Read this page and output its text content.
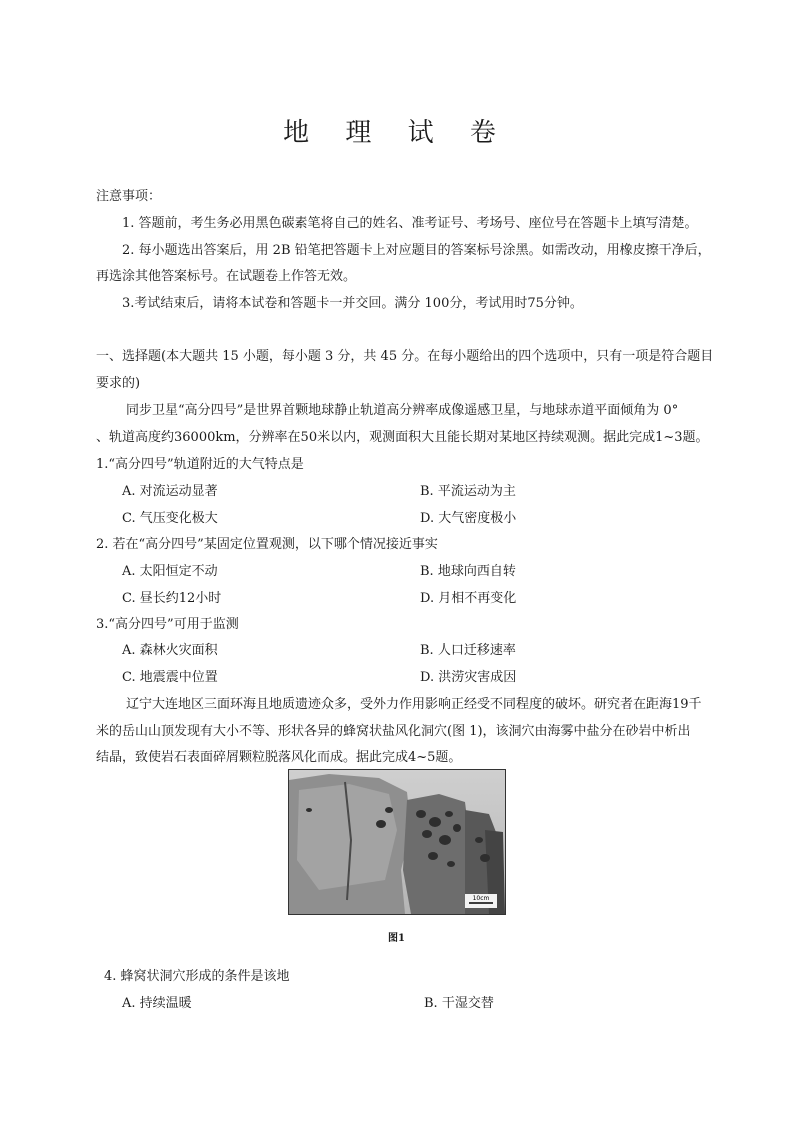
地 理 试 卷
注意事项：
1. 答题前，考生务必用黑色碳素笔将自己的姓名、准考证号、考场号、座位号在答题卡上填写清楚。
2. 每小题选出答案后，用 2B 铅笔把答题卡上对应题目的答案标号涂黑。如需改动，用橡皮擦干净后，
再选涂其他答案标号。在试题卷上作答无效。
3.考试结束后，请将本试卷和答题卡一并交回。满分 100分，考试用时75分钟。
一、选择题(本大题共 15 小题，每小题 3 分，共 45 分。在每小题给出的四个选项中，只有一项是符合题目
要求的)
同步卫星“高分四号”是世界首颗地球静止轨道高分辨率成像遥感卫星，与地球赤道平面倾角为 0°
、轨道高度约36000km，分辨率在50米以内，观测面积大且能长期对某地区持续观测。据此完成1~3题。
1.“高分四号”轨道附近的大气特点是
A. 对流运动显著	B. 平流运动为主
C. 气压变化极大	D. 大气密度极小
2. 若在“高分四号”某固定位置观测，以下哪个情况接近事实
A. 太阳恒定不动	B. 地球向西自转
C. 昼长约12小时	D. 月相不再变化
3.“高分四号”可用于监测
A. 森林火灾面积	B. 人口迁移速率
C. 地震震中位置	D. 洪涝灾害成因
辽宁大连地区三面环海且地质遗迹众多，受外力作用影响正经受不同程度的破坏。研究者在距海19千
米的岳山山顶发现有大小不等、形状各异的蜂窝状盐风化洞穴(图 1)，该洞穴由海雾中盐分在砂岩中析出
结晶，致使岩石表面碎屑颗粒脱落风化而成。据此完成4~5题。
10cm
图1
4. 蜂窝状洞穴形成的条件是该地
A. 持续温暖	B. 干湿交替
